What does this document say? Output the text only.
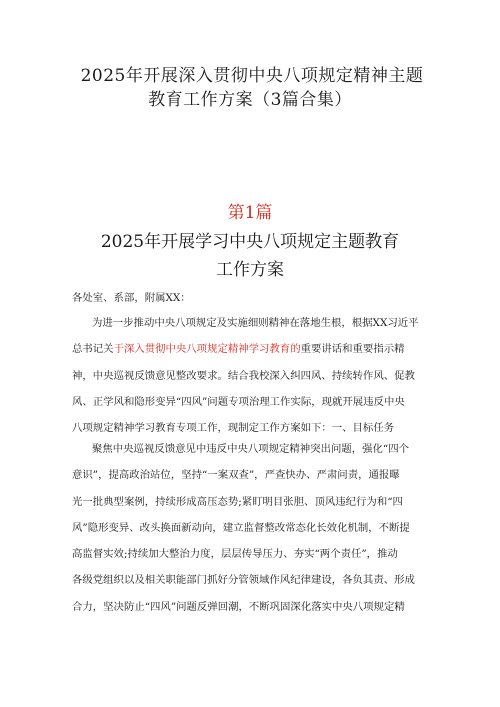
2025年开展深入贯彻中央八项规定精神主题
教育工作方案（3篇合集）
第1篇
2025年开展学习中央八项规定主题教育
工作方案
各处室、系部，附属XX：
为进一步推动中央八项规定及实施细则精神在落地生根，根据XX习近平
总书记关于深入贯彻中央八项规定精神学习教育的重要讲话和重要指示精
神，中央巡视反馈意见整改要求。结合我校深入纠四风、持续转作风、促教
风、正学风和隐形变异“四风”问题专项治理工作实际，现就开展违反中央
八项规定精神学习教育专项工作，现制定工作方案如下：一、目标任务
聚焦中央巡视反馈意见中违反中央八项规定精神突出问题，强化“四个
意识”，提高政治站位，坚持“一案双查”，严查快办、严肃问责，通报曝
光一批典型案例，持续形成高压态势;紧盯明目张胆、顶风违纪行为和“四
风”隐形变异、改头换面新动向，建立监督整改常态化长效化机制，不断提
高监督实效;持续加大整治力度，层层传导压力、夯实“两个责任”，推动
各级党组织以及相关职能部门抓好分管领域作风纪律建设，各负其责、形成
合力，坚决防止“四风”问题反弹回潮，不断巩固深化落实中央八项规定精
